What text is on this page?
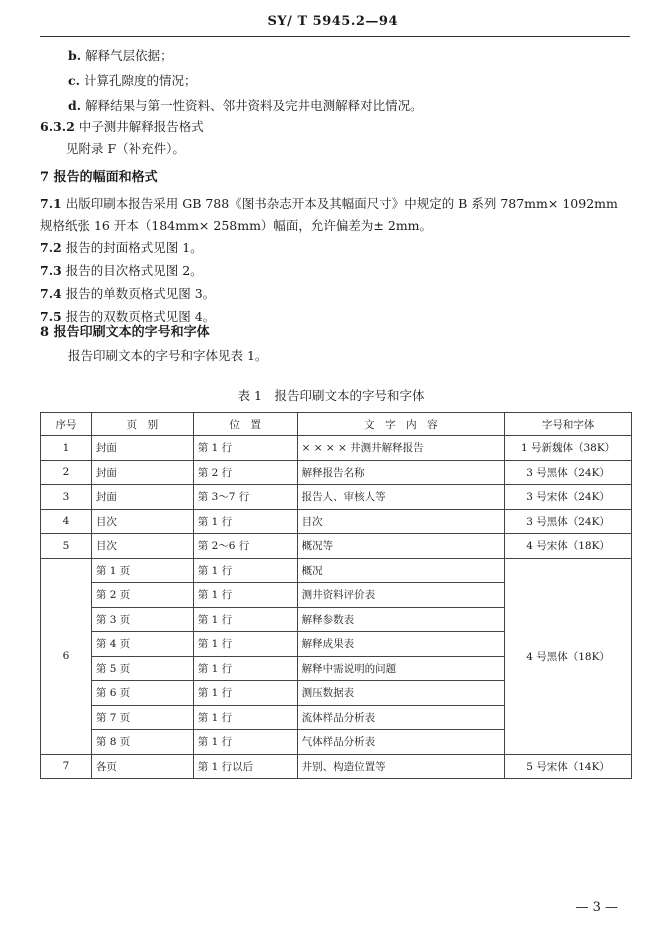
SY/ T 5945.2—94
b. 解释气层依据；
c. 计算孔隙度的情况；
d. 解释结果与第一性资料、邻井资料及完井电测解释对比情况。
6.3.2 中子测井解释报告格式
见附录 F（补充件）。
7 报告的幅面和格式
7.1 出版印刷本报告采用 GB 788《图书杂志开本及其幅面尺寸》中规定的 B 系列 787mm× 1092mm
规格纸张 16 开本（184mm× 258mm）幅面，允许偏差为± 2mm。
7.2 报告的封面格式见图 1。
7.3 报告的目次格式见图 2。
7.4 报告的单数页格式见图 3。
7.5 报告的双数页格式见图 4。
8 报告印刷文本的字号和字体
报告印刷文本的字号和字体见表 1。
表 1　报告印刷文本的字号和字体
序号	页　别	位　置	文　字　内　容	字号和字体
1	封面	第 1 行	× × × × 井测井解释报告	1 号新魏体（38K）
2	封面	第 2 行	解释报告名称	3 号黑体（24K）
3	封面	第 3～7 行	报告人、审核人等	3 号宋体（24K）
4	目次	第 1 行	目次	3 号黑体（24K）
5	目次	第 2～6 行	概况等	4 号宋体（18K）
6	第 1 页	第 1 行	概况	4 号黑体（18K）
	第 2 页	第 1 行	测井资料评价表	
	第 3 页	第 1 行	解释参数表	
	第 4 页	第 1 行	解释成果表	
	第 5 页	第 1 行	解释中需说明的问题	
	第 6 页	第 1 行	测压数据表	
	第 7 页	第 1 行	流体样品分析表	
	第 8 页	第 1 行	气体样品分析表	
7	各页	第 1 行以后	井别、构造位置等	5 号宋体（14K）
— 3 —
